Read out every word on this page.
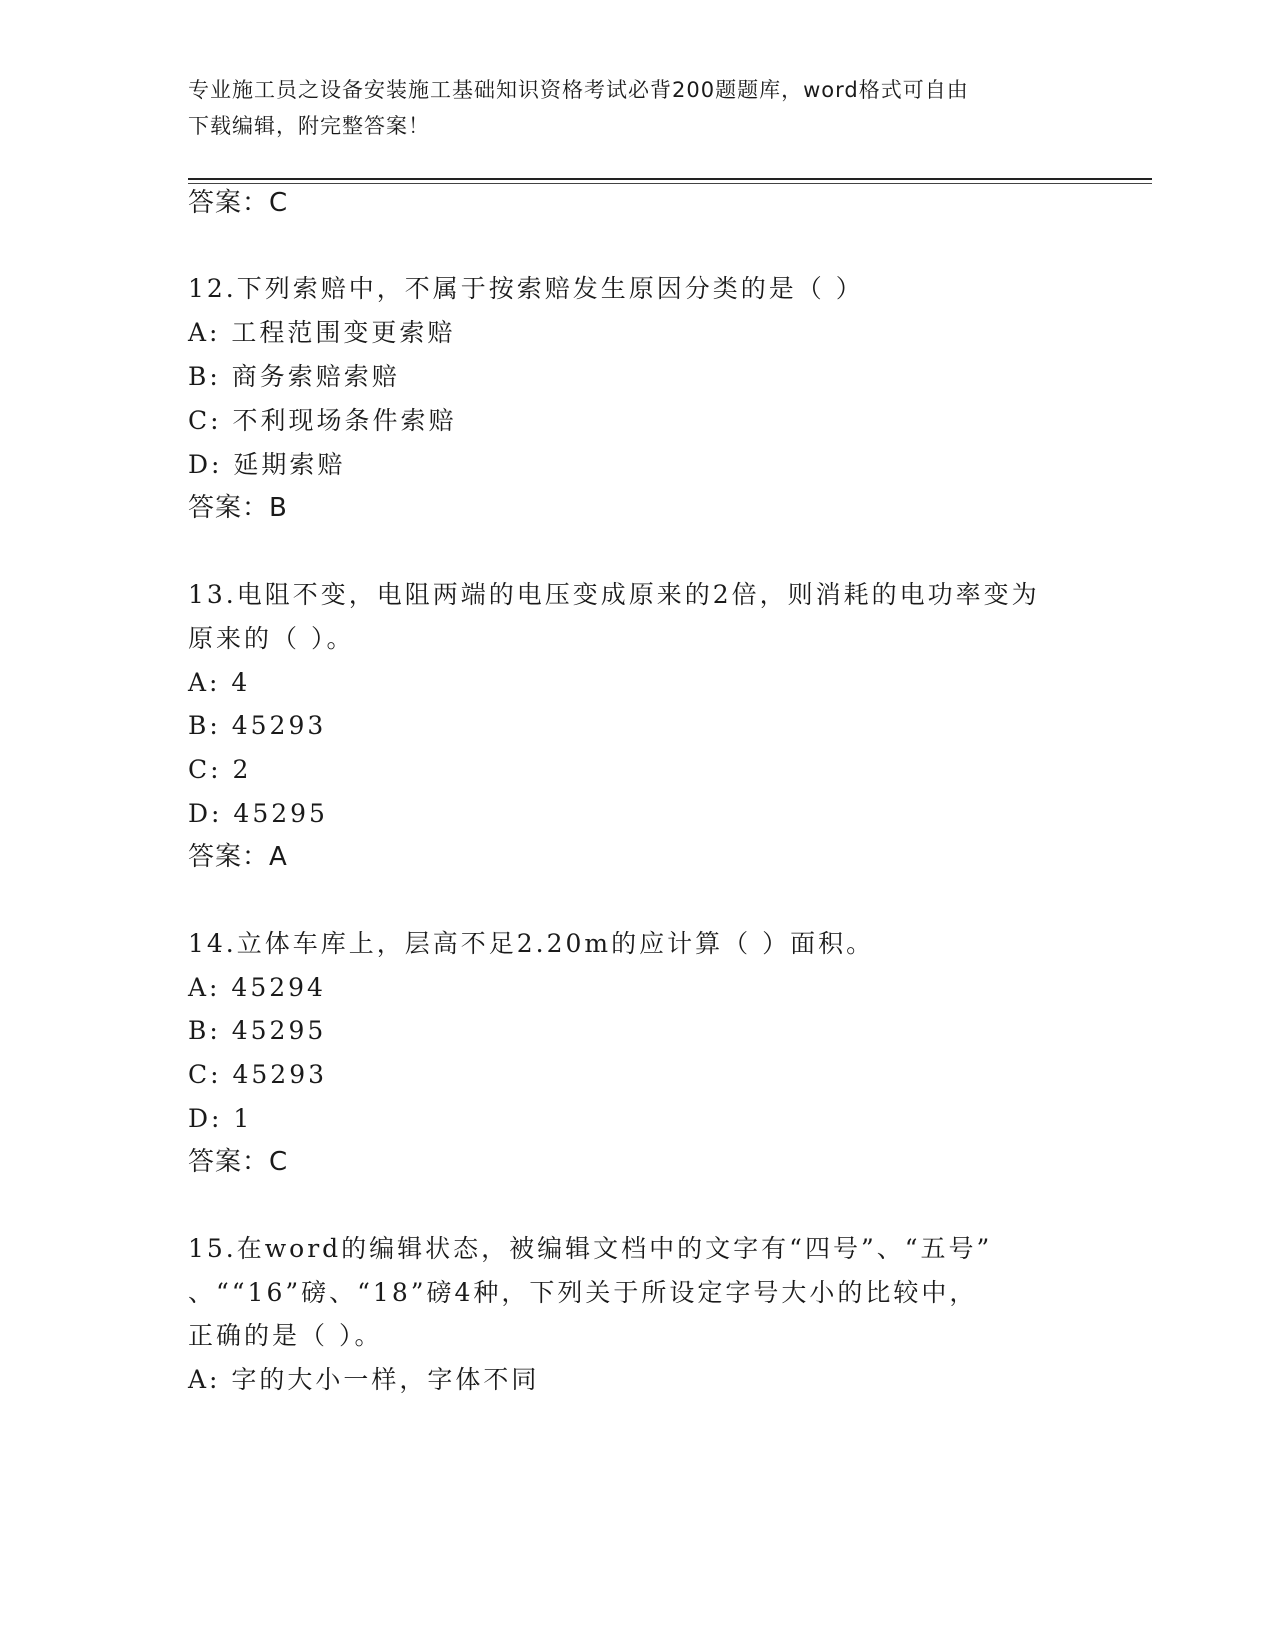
专业施工员之设备安装施工基础知识资格考试必背200题题库，word格式可自由
下载编辑，附完整答案！
答案：C
12.下列索赔中，不属于按索赔发生原因分类的是（ ）
A: 工程范围变更索赔
B: 商务索赔索赔
C: 不利现场条件索赔
D: 延期索赔
答案：B
13.电阻不变，电阻两端的电压变成原来的2倍，则消耗的电功率变为
原来的（ ）。
A: 4
B: 45293
C: 2
D: 45295
答案：A
14.立体车库上，层高不足2.20m的应计算（ ）面积。
A: 45294
B: 45295
C: 45293
D: 1
答案：C
15.在word的编辑状态，被编辑文档中的文字有“四号”、“五号”
、““16”磅、“18”磅4种，下列关于所设定字号大小的比较中，
正确的是（ ）。
A: 字的大小一样，字体不同
